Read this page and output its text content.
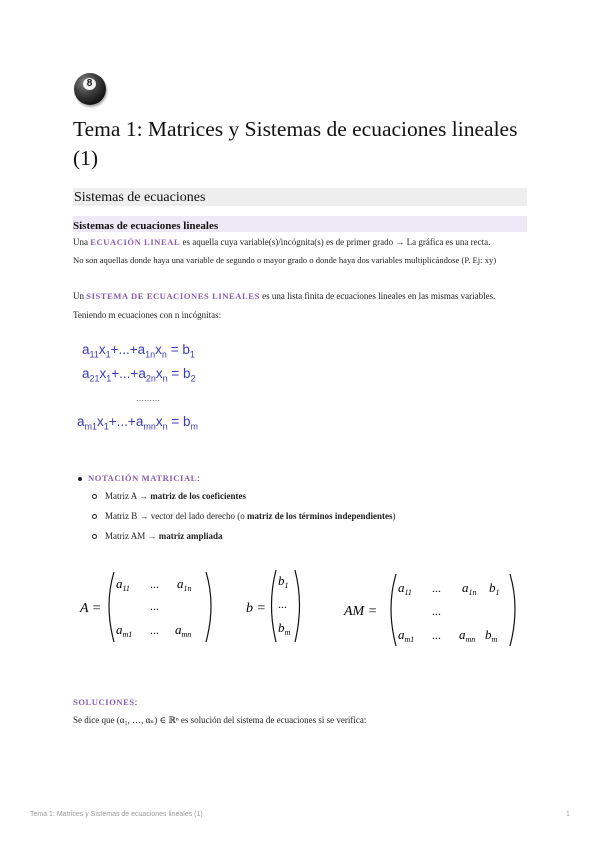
8
Tema 1: Matrices y Sistemas de ecuaciones lineales (1)
Sistemas de ecuaciones
Sistemas de ecuaciones lineales
Una ECUACIÓN LINEAL es aquella cuya variable(s)/incógnita(s) es de primer grado → La gráfica es una recta.
No son aquellas donde haya una variable de segundo o mayor grado o donde haya dos variables multiplicándose (P. Ej: xy)
Un SISTEMA DE ECUACIONES LINEALES es una lista finita de ecuaciones lineales en las mismas variables.
Teniendo m ecuaciones con n incógnitas:
$a_{11}x_1+...+a_{1n}x_n = b_1$
$a_{21}x_1+...+a_{2n}x_n = b_2$
………
$a_{m1}x_1+...+a_{mn}x_n = b_m$
NOTACIÓN MATRICIAL:
Matriz A → matriz de los coeficientes
Matriz B → vector del lado derecho (o matriz de los términos independientes)
Matriz AM → matriz ampliada
A =
$a_{11}$ ... $a_{1n}$
...
$a_{m1}$ ... $a_{mn}$
b =
$b_1$
...
$b_m$
AM =
$a_{11}$ ... $a_{1n}$ $b_1$
...
$a_{m1}$ ... $a_{mn}$ $b_m$
SOLUCIONES:
Se dice que (α₁, …, αₙ) ∈ ℝⁿ es solución del sistema de ecuaciones si se verifica:
Tema 1: Matrices y Sistemas de ecuaciones lineales (1)	1
